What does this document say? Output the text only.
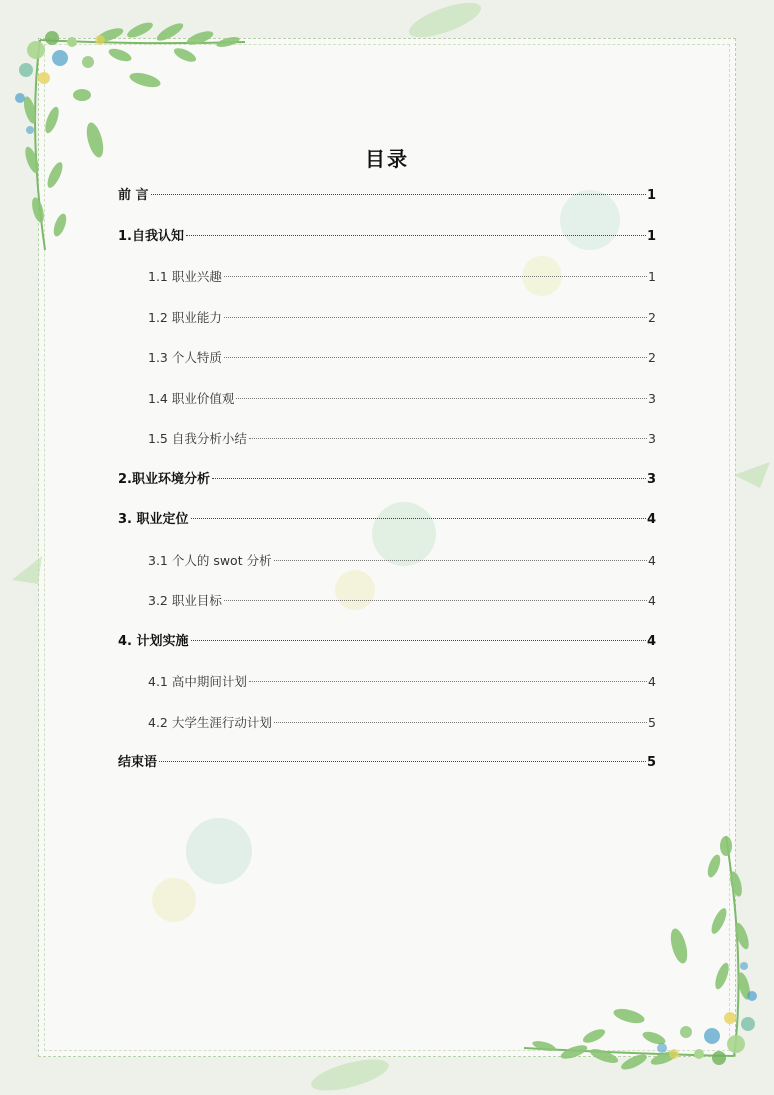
目录
前 言	1
1.自我认知	1
1.1 职业兴趣	1
1.2 职业能力	2
1.3 个人特质	2
1.4 职业价值观	3
1.5 自我分析小结	3
2.职业环境分析	3
3. 职业定位	4
3.1 个人的 swot 分析	4
3.2 职业目标	4
4. 计划实施	4
4.1 高中期间计划	4
4.2 大学生涯行动计划	5
结束语	5
